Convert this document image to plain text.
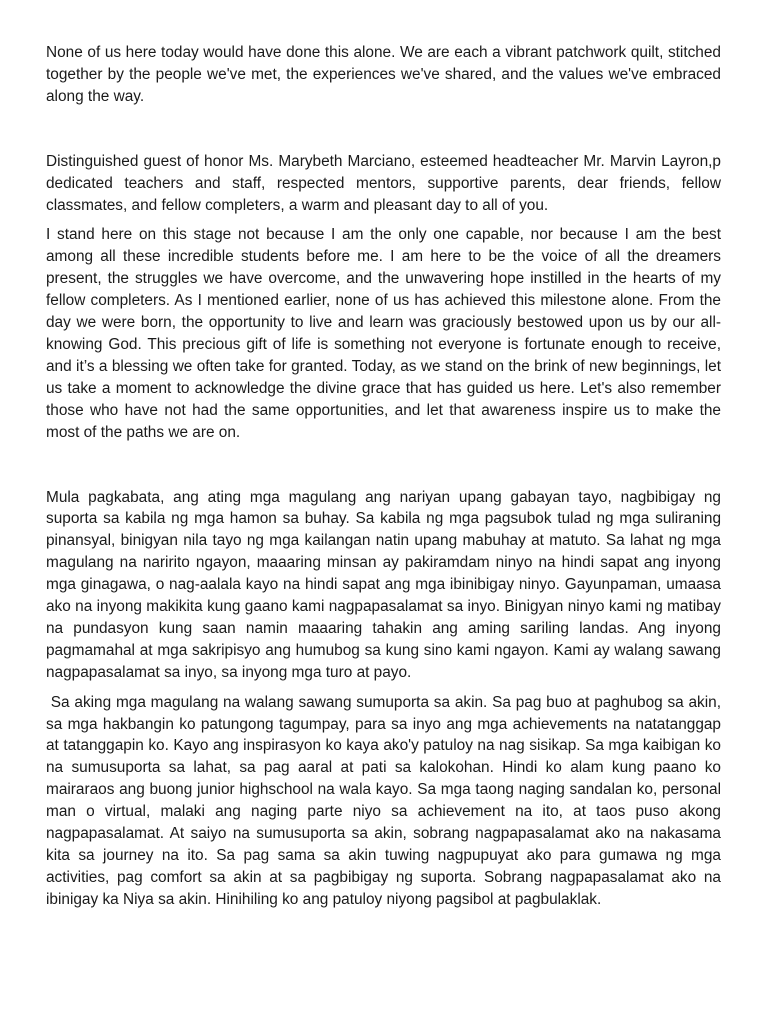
None of us here today would have done this alone. We are each a vibrant patchwork quilt, stitched together by the people we've met, the experiences we've shared, and the values we've embraced along the way.

Distinguished guest of honor Ms. Marybeth Marciano, esteemed headteacher Mr. Marvin Layron,p dedicated teachers and staff, respected mentors, supportive parents, dear friends, fellow classmates, and fellow completers, a warm and pleasant day to all of you.

I stand here on this stage not because I am the only one capable, nor because I am the best among all these incredible students before me. I am here to be the voice of all the dreamers present, the struggles we have overcome, and the unwavering hope instilled in the hearts of my fellow completers. As I mentioned earlier, none of us has achieved this milestone alone. From the day we were born, the opportunity to live and learn was graciously bestowed upon us by our all-knowing God. This precious gift of life is something not everyone is fortunate enough to receive, and it’s a blessing we often take for granted. Today, as we stand on the brink of new beginnings, let us take a moment to acknowledge the divine grace that has guided us here. Let's also remember those who have not had the same opportunities, and let that awareness inspire us to make the most of the paths we are on.

Mula pagkabata, ang ating mga magulang ang nariyan upang gabayan tayo, nagbibigay ng suporta sa kabila ng mga hamon sa buhay. Sa kabila ng mga pagsubok tulad ng mga suliraning pinansyal, binigyan nila tayo ng mga kailangan natin upang mabuhay at matuto. Sa lahat ng mga magulang na naririto ngayon, maaaring minsan ay pakiramdam ninyo na hindi sapat ang inyong mga ginagawa, o nag-aalala kayo na hindi sapat ang mga ibinibigay ninyo. Gayunpaman, umaasa ako na inyong makikita kung gaano kami nagpapasalamat sa inyo. Binigyan ninyo kami ng matibay na pundasyon kung saan namin maaaring tahakin ang aming sariling landas. Ang inyong pagmamahal at mga sakripisyo ang humubog sa kung sino kami ngayon. Kami ay walang sawang nagpapasalamat sa inyo, sa inyong mga turo at payo.

Sa aking mga magulang na walang sawang sumuporta sa akin. Sa pag buo at paghubog sa akin, sa mga hakbangin ko patungong tagumpay, para sa inyo ang mga achievements na natatanggap at tatanggapin ko. Kayo ang inspirasyon ko kaya ako'y patuloy na nag sisikap. Sa mga kaibigan ko na sumusuporta sa lahat, sa pag aaral at pati sa kalokohan. Hindi ko alam kung paano ko mairaraos ang buong junior highschool na wala kayo. Sa mga taong naging sandalan ko, personal man o virtual, malaki ang naging parte niyo sa achievement na ito, at taos puso akong nagpapasalamat. At saiyo na sumusuporta sa akin, sobrang nagpapasalamat ako na nakasama kita sa journey na ito. Sa pag sama sa akin tuwing nagpupuyat ako para gumawa ng mga activities, pag comfort sa akin at sa pagbibigay ng suporta. Sobrang nagpapasalamat ako na ibinigay ka Niya sa akin. Hinihiling ko ang patuloy niyong pagsibol at pagbulaklak.
